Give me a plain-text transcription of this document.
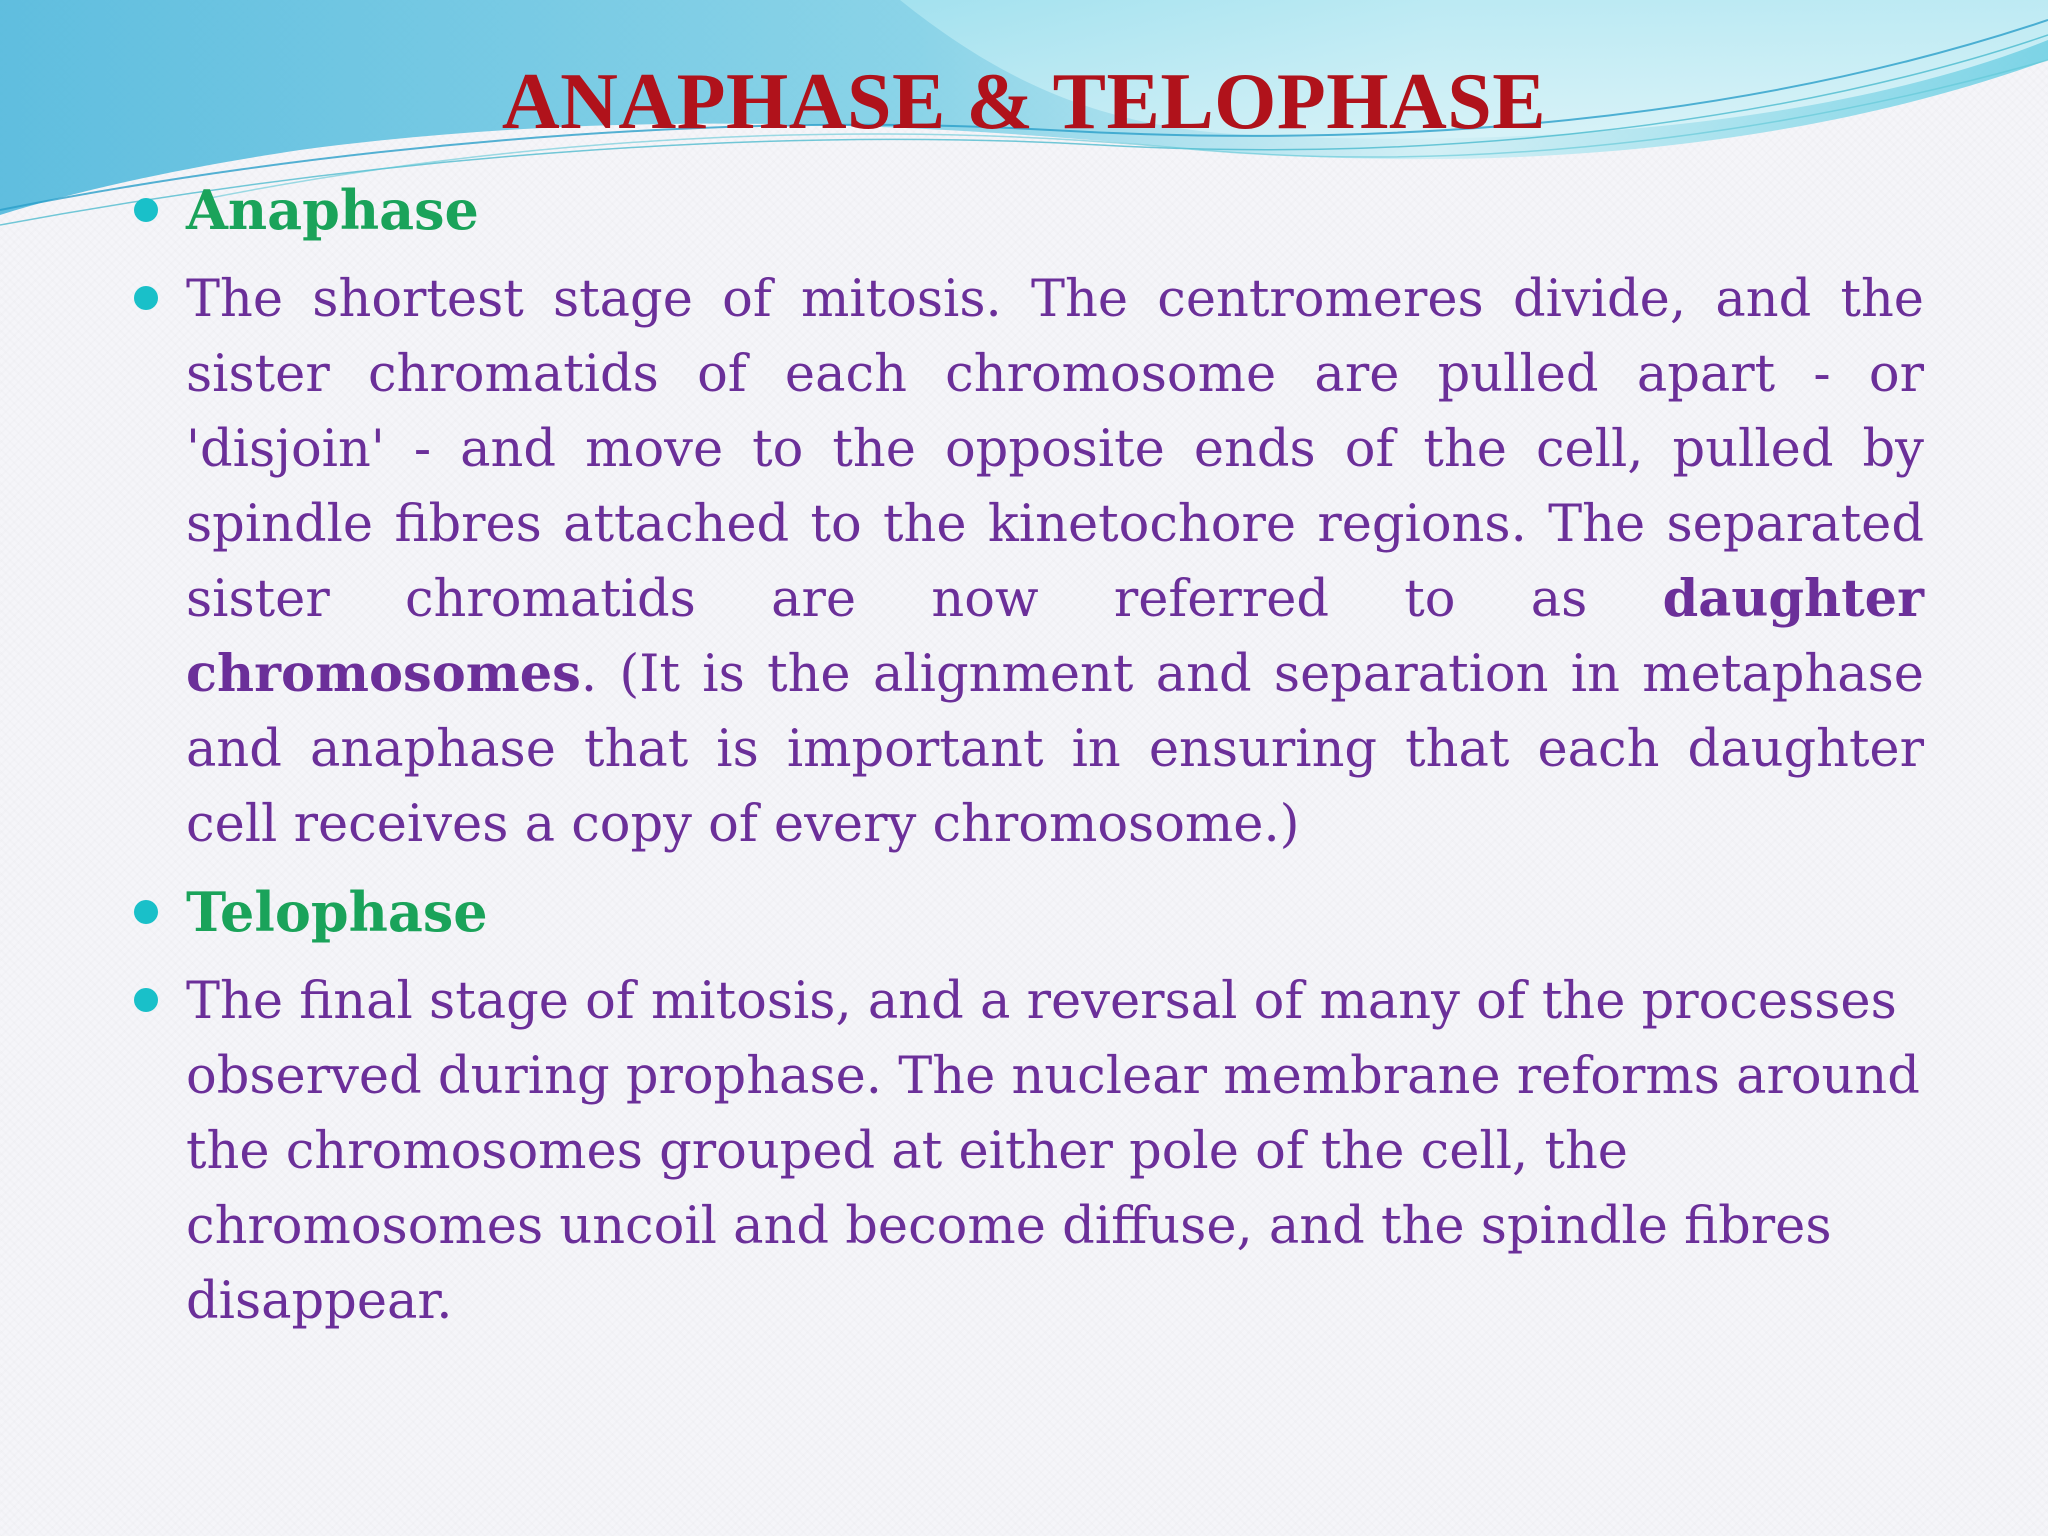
ANAPHASE & TELOPHASE
Anaphase
The shortest stage of mitosis. The centromeres divide, and the sister chromatids of each chromosome are pulled apart - or 'disjoin' - and move to the opposite ends of the cell, pulled by spindle fibres attached to the kinetochore regions. The separated sister chromatids are now referred to as daughter chromosomes. (It is the alignment and separation in metaphase and anaphase that is important in ensuring that each daughter cell receives a copy of every chromosome.)
Telophase
The final stage of mitosis, and a reversal of many of the processes observed during prophase. The nuclear membrane reforms around the chromosomes grouped at either pole of the cell, the chromosomes uncoil and become diffuse, and the spindle fibres disappear.
